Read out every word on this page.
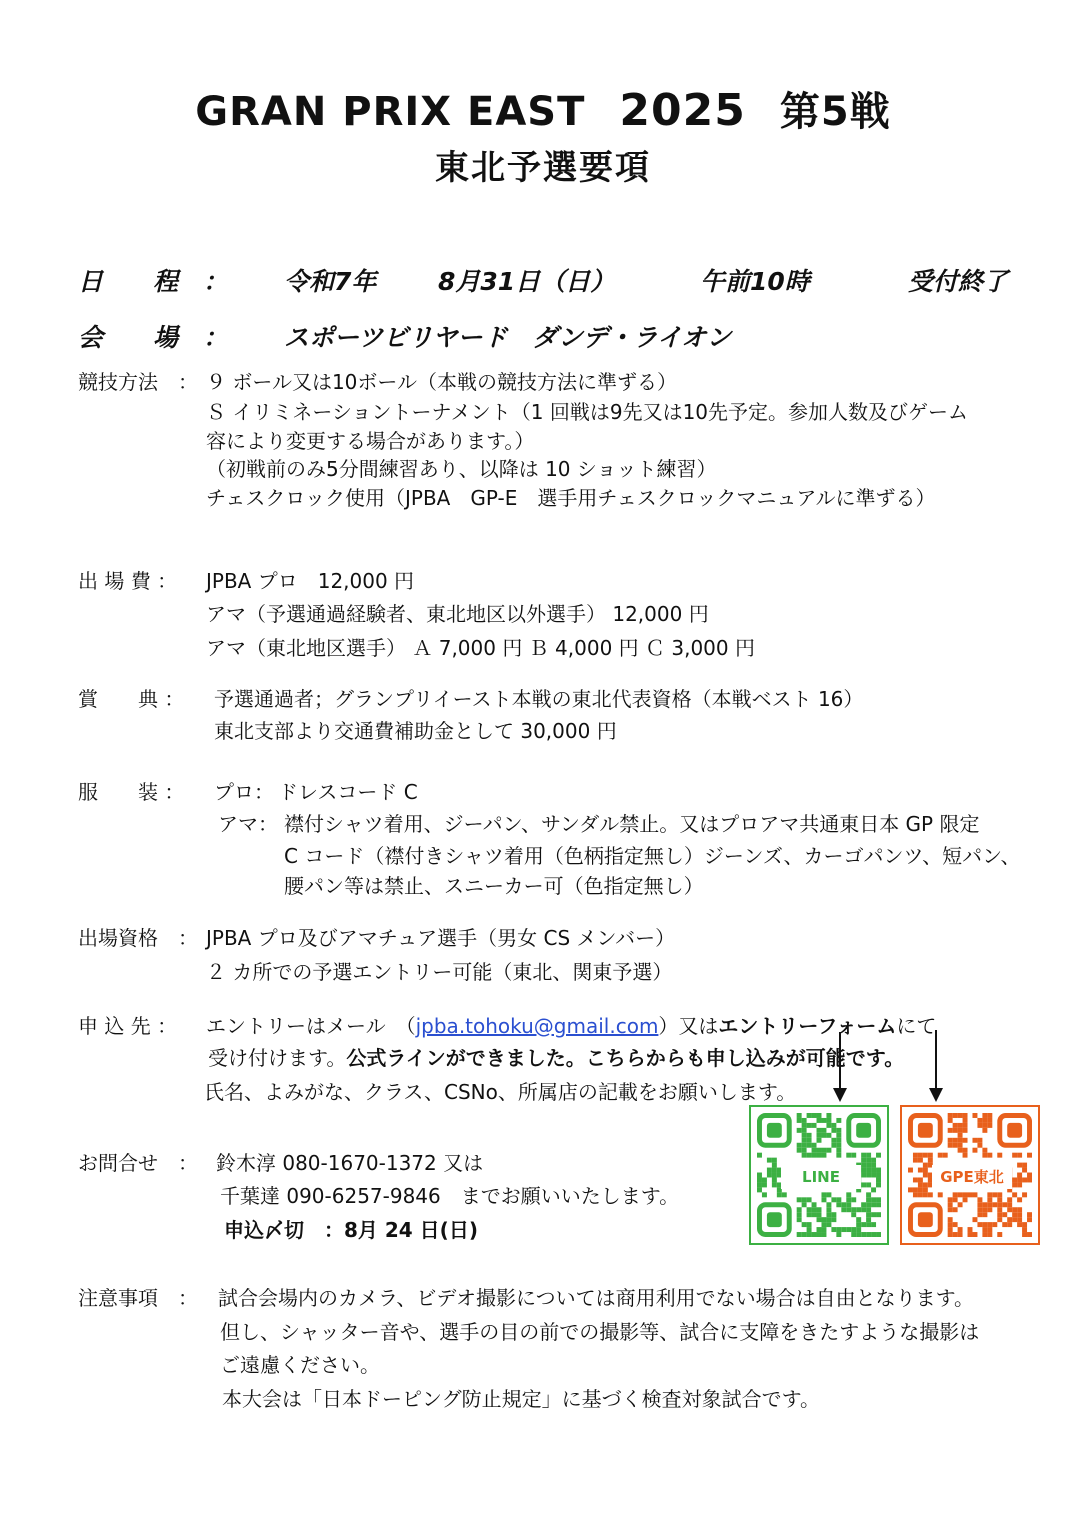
GRAN PRIX EAST 2025 第5戦
東北予選要項
日　　程　： 令和7年 8月31日（日）	午前10時	受付終了
会　　場　： スポーツビリヤード　ダンデ・ライオン
競技方法　： ９ ボール又は10ボール（本戦の競技方法に準ずる）
Ｓ イリミネーショントーナメント（1 回戦は9先又は10先予定。参加人数及びゲーム
容により変更する場合があります。）
（初戦前のみ5分間練習あり、以降は 10 ショット練習）
チェスクロック使用（JPBA　GP-E　選手用チェスクロックマニュアルに準ずる）
出 場 費 ： JPBA プロ　12,000 円
アマ（予選通過経験者、東北地区以外選手） 12,000 円
アマ（東北地区選手） Ａ 7,000 円 Ｂ 4,000 円 Ｃ 3,000 円
賞　　典 ： 予選通過者；グランプリイースト本戦の東北代表資格（本戦ベスト 16）
東北支部より交通費補助金として 30,000 円
服　　装 ： プロ： ドレスコード C
アマ： 襟付シャツ着用、ジーパン、サンダル禁止。又はプロアマ共通東日本 GP 限定
C コード（襟付きシャツ着用（色柄指定無し）ジーンズ、カーゴパンツ、短パン、
腰パン等は禁止、スニーカー可（色指定無し）
出場資格　： JPBA プロ及びアマチュア選手（男女 CS メンバー）
２ カ所での予選エントリー可能（東北、関東予選）
申 込 先 ： エントリーはメール　（jpba.tohoku@gmail.com）又はエントリーフォームにて
受け付けます。公式ラインができました。こちらからも申し込みが可能です。
氏名、よみがな、クラス、CSNo、所属店の記載をお願いします。
LINE	GPE東北
お問合せ　： 鈴木淳 080-1670-1372 又は
千葉達 090-6257-9846　までお願いいたします。
申込〆切　：8月 24 日(日)
注意事項　： 試合会場内のカメラ、ビデオ撮影については商用利用でない場合は自由となります。
但し、シャッター音や、選手の目の前での撮影等、試合に支障をきたすような撮影は
ご遠慮ください。
本大会は「日本ドーピング防止規定」に基づく検査対象試合です。
